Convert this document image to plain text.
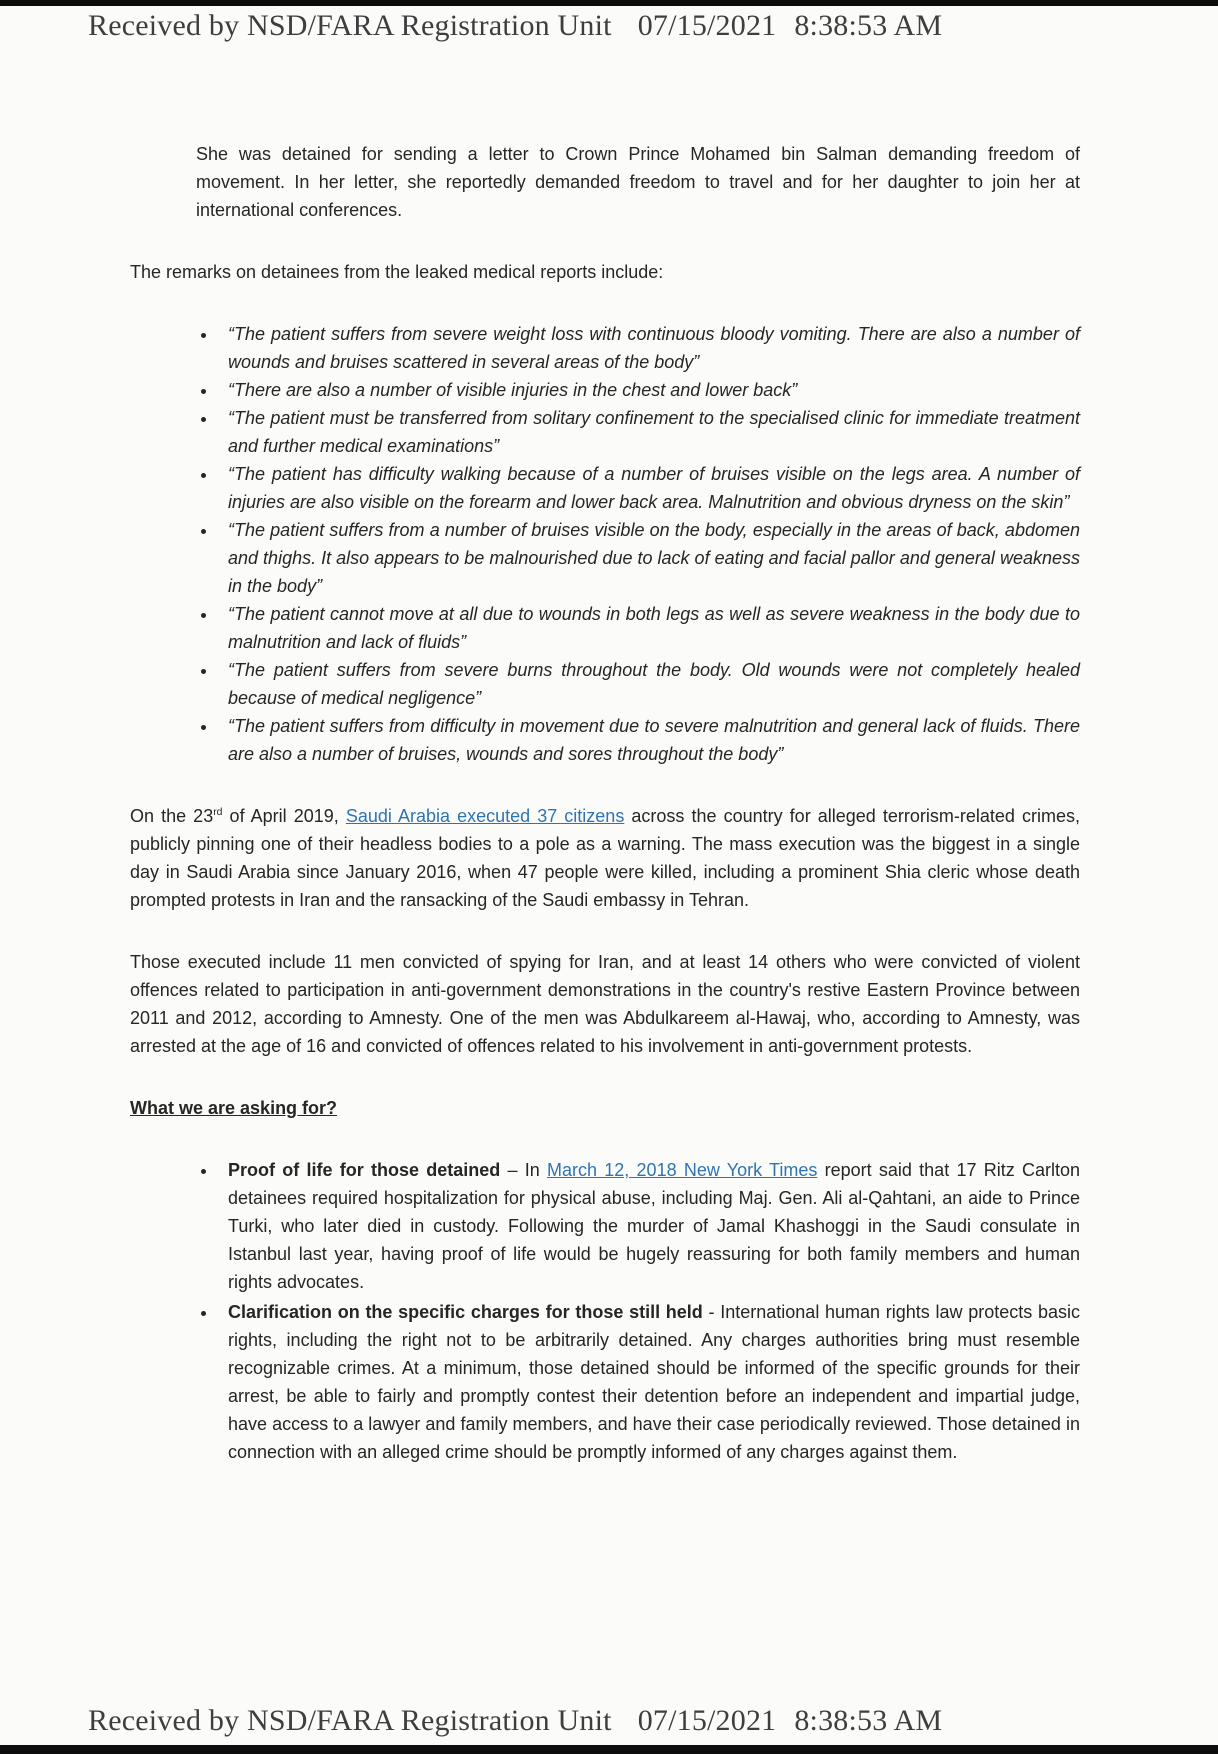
Received by NSD/FARA Registration Unit 07/15/2021 8:38:53 AM

She was detained for sending a letter to Crown Prince Mohamed bin Salman demanding freedom of movement. In her letter, she reportedly demanded freedom to travel and for her daughter to join her at international conferences.

The remarks on detainees from the leaked medical reports include:

• “The patient suffers from severe weight loss with continuous bloody vomiting. There are also a number of wounds and bruises scattered in several areas of the body”
• “There are also a number of visible injuries in the chest and lower back”
• “The patient must be transferred from solitary confinement to the specialised clinic for immediate treatment and further medical examinations”
• “The patient has difficulty walking because of a number of bruises visible on the legs area. A number of injuries are also visible on the forearm and lower back area. Malnutrition and obvious dryness on the skin”
• “The patient suffers from a number of bruises visible on the body, especially in the areas of back, abdomen and thighs. It also appears to be malnourished due to lack of eating and facial pallor and general weakness in the body”
• “The patient cannot move at all due to wounds in both legs as well as severe weakness in the body due to malnutrition and lack of fluids”
• “The patient suffers from severe burns throughout the body. Old wounds were not completely healed because of medical negligence”
• “The patient suffers from difficulty in movement due to severe malnutrition and general lack of fluids. There are also a number of bruises, wounds and sores throughout the body”

On the 23rd of April 2019, Saudi Arabia executed 37 citizens across the country for alleged terrorism-related crimes, publicly pinning one of their headless bodies to a pole as a warning. The mass execution was the biggest in a single day in Saudi Arabia since January 2016, when 47 people were killed, including a prominent Shia cleric whose death prompted protests in Iran and the ransacking of the Saudi embassy in Tehran.

Those executed include 11 men convicted of spying for Iran, and at least 14 others who were convicted of violent offences related to participation in anti-government demonstrations in the country's restive Eastern Province between 2011 and 2012, according to Amnesty. One of the men was Abdulkareem al-Hawaj, who, according to Amnesty, was arrested at the age of 16 and convicted of offences related to his involvement in anti-government protests.

What we are asking for?

• Proof of life for those detained – In March 12, 2018 New York Times report said that 17 Ritz Carlton detainees required hospitalization for physical abuse, including Maj. Gen. Ali al-Qahtani, an aide to Prince Turki, who later died in custody. Following the murder of Jamal Khashoggi in the Saudi consulate in Istanbul last year, having proof of life would be hugely reassuring for both family members and human rights advocates.
• Clarification on the specific charges for those still held - International human rights law protects basic rights, including the right not to be arbitrarily detained. Any charges authorities bring must resemble recognizable crimes. At a minimum, those detained should be informed of the specific grounds for their arrest, be able to fairly and promptly contest their detention before an independent and impartial judge, have access to a lawyer and family members, and have their case periodically reviewed. Those detained in connection with an alleged crime should be promptly informed of any charges against them.
Received by NSD/FARA Registration Unit 07/15/2021 8:38:53 AM
